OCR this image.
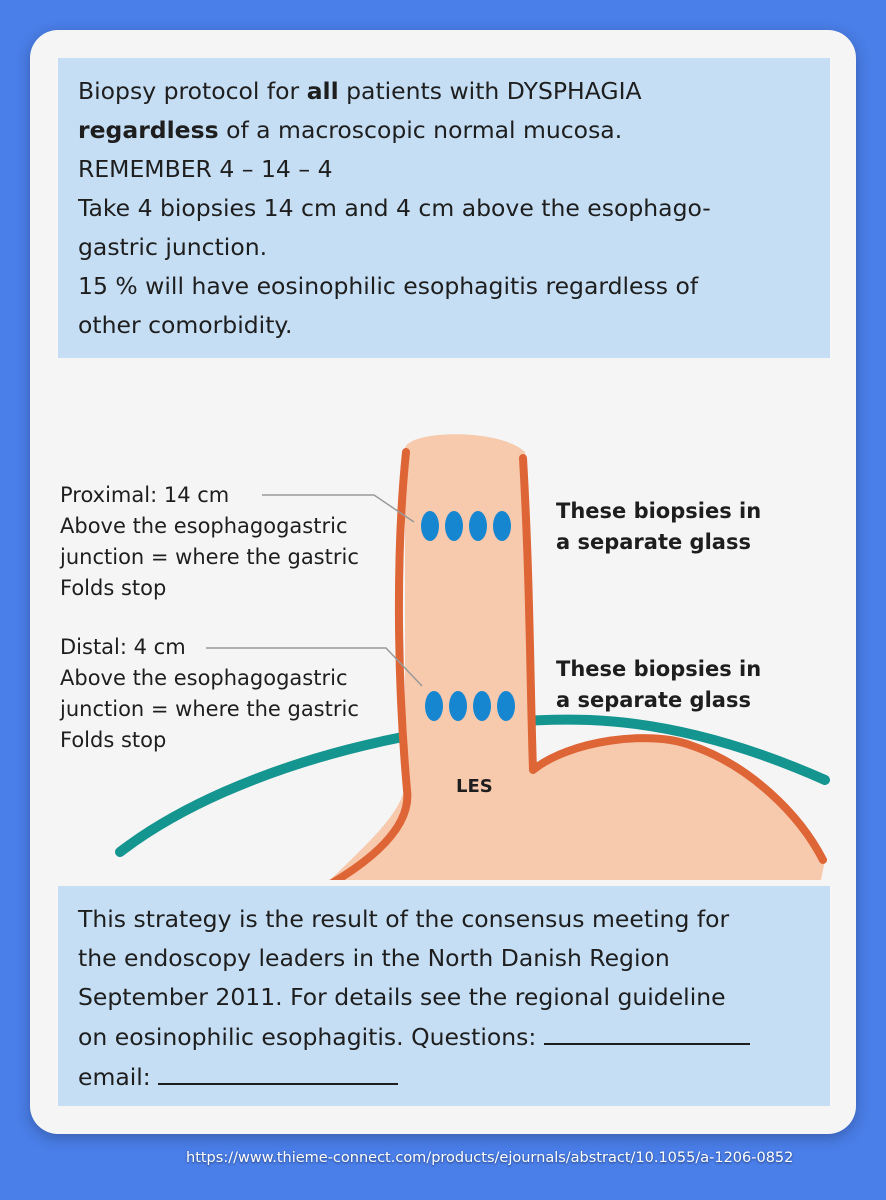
Biopsy protocol for all patients with DYSPHAGIA
regardless of a macroscopic normal mucosa.
REMEMBER 4 – 14 – 4
Take 4 biopsies 14 cm and 4 cm above the esophago-
gastric junction.
15 % will have eosinophilic esophagitis regardless of
other comorbidity.
Proximal: 14 cm
Above the esophagogastric
junction = where the gastric
Folds stop
Distal: 4 cm
Above the esophagogastric
junction = where the gastric
Folds stop
These biopsies in
a separate glass
These biopsies in
a separate glass
LES
This strategy is the result of the consensus meeting for
the endoscopy leaders in the North Danish Region
September 2011. For details see the regional guideline
on eosinophilic esophagitis. Questions:
email:
https://www.thieme-connect.com/products/ejournals/abstract/10.1055/a-1206-0852
